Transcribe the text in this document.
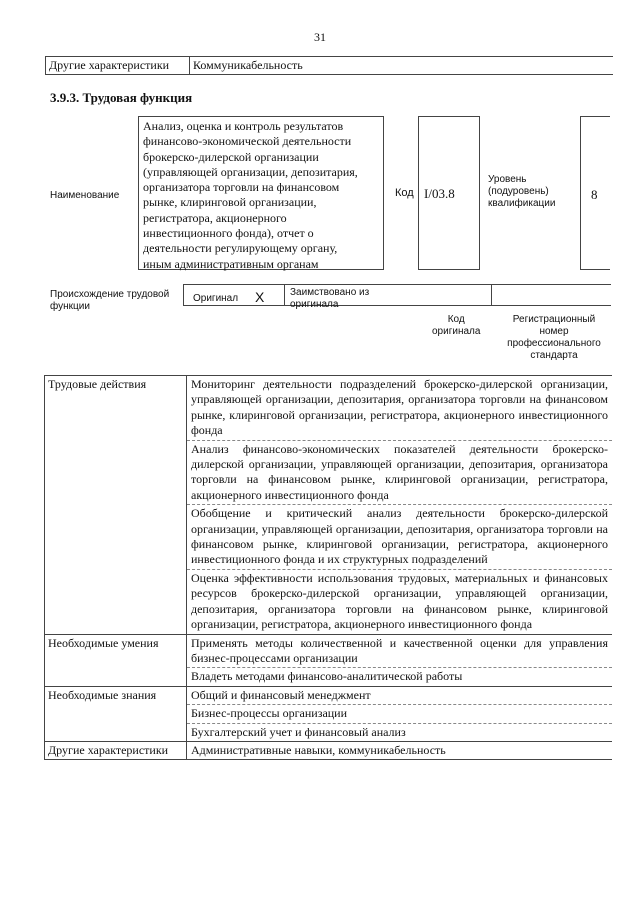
31
Другие характеристики	Коммуникабельность
3.9.3. Трудовая функция
Наименование
Анализ, оценка и контроль результатов
финансово-экономической деятельности
брокерско-дилерской организации
(управляющей организации, депозитария,
организатора торговли на финансовом
рынке, клиринговой организации,
регистратора, акционерного
инвестиционного фонда), отчет о
деятельности регулирующему органу,
иным административным органам
Код I/03.8
Уровень
(подуровень)
квалификации
8
Происхождение трудовой
функции
Оригинал X	Заимствовано из
оригинала
Код
оригинала
Регистрационный
номер
профессионального
стандарта
Трудовые действия	Мониторинг деятельности подразделений брокерско-дилерской организации, управляющей организации, депозитария, организатора торговли на финансовом рынке, клиринговой организации, регистратора, акционерного инвестиционного фонда
	Анализ финансово-экономических показателей деятельности брокерско-дилерской организации, управляющей организации, депозитария, организатора торговли на финансовом рынке, клиринговой организации, регистратора, акционерного инвестиционного фонда
	Обобщение и критический анализ деятельности брокерско-дилерской организации, управляющей организации, депозитария, организатора торговли на финансовом рынке, клиринговой организации, регистратора, акционерного инвестиционного фонда и их структурных подразделений
	Оценка эффективности использования трудовых, материальных и финансовых ресурсов брокерско-дилерской организации, управляющей организации, депозитария, организатора торговли на финансовом рынке, клиринговой организации, регистратора, акционерного инвестиционного фонда
Необходимые умения	Применять методы количественной и качественной оценки для управления бизнес-процессами организации
	Владеть методами финансово-аналитической работы
Необходимые знания	Общий и финансовый менеджмент
	Бизнес-процессы организации
	Бухгалтерский учет и финансовый анализ
Другие характеристики	Административные навыки, коммуникабельность
